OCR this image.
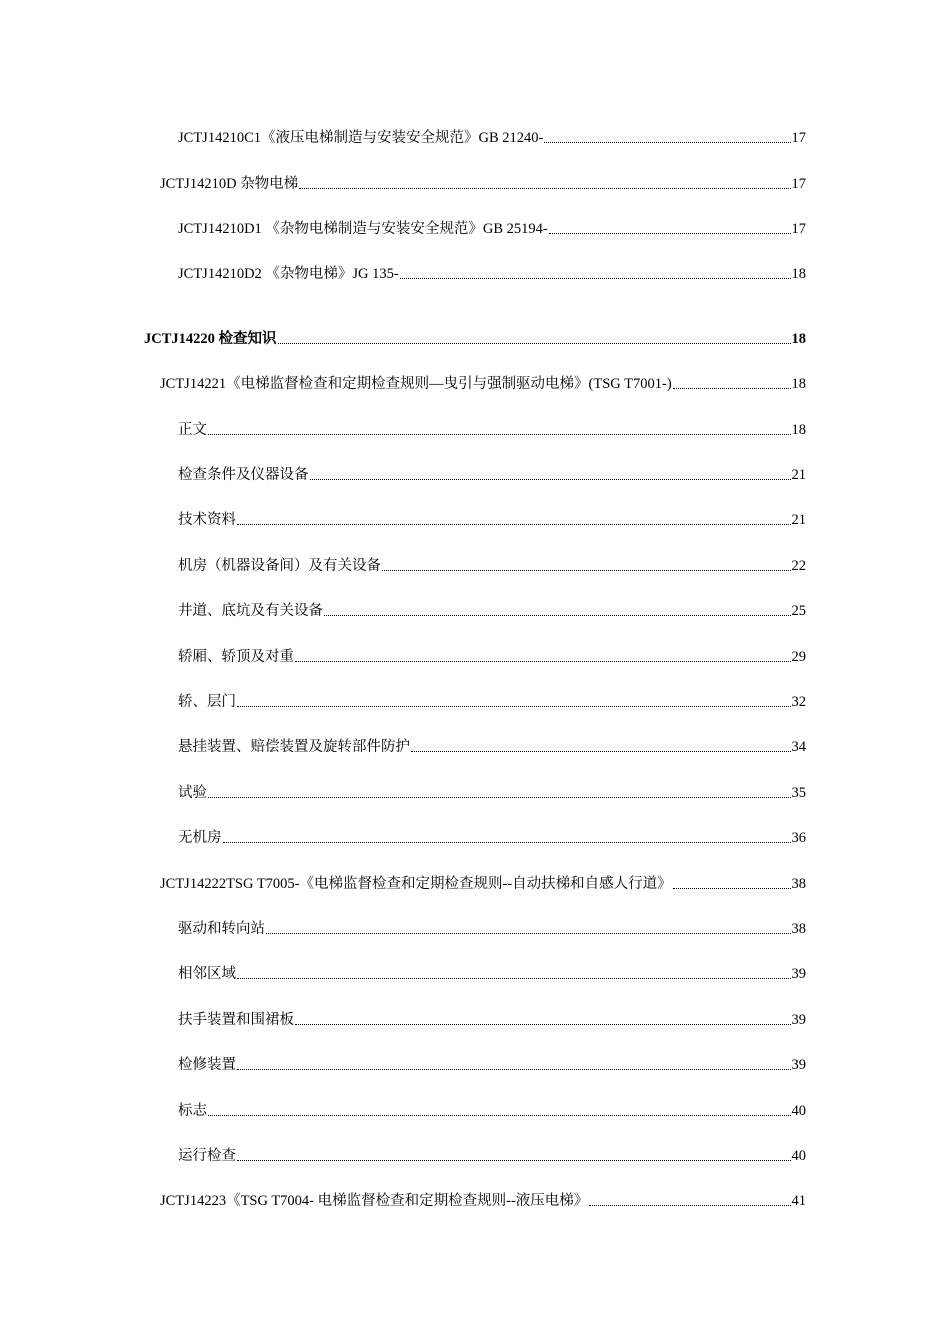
JCTJ14210C1《液压电梯制造与安装安全规范》GB 21240-	17
JCTJ14210D 杂物电梯	17
JCTJ14210D1 《杂物电梯制造与安装安全规范》GB 25194-	17
JCTJ14210D2 《杂物电梯》JG 135-	18
JCTJ14220 检查知识	18
JCTJ14221《电梯监督检查和定期检查规则—曳引与强制驱动电梯》(TSG T7001-)	18
正文	18
检查条件及仪器设备	21
技术资料	21
机房（机器设备间）及有关设备	22
井道、底坑及有关设备	25
轿厢、轿顶及对重	29
轿、层门	32
悬挂装置、赔偿装置及旋转部件防护	34
试验	35
无机房	36
JCTJ14222TSG T7005-《电梯监督检查和定期检查规则--自动扶梯和自感人行道》	38
驱动和转向站	38
相邻区域	39
扶手装置和围裙板	39
检修装置	39
标志	40
运行检查	40
JCTJ14223《TSG T7004- 电梯监督检查和定期检查规则--液压电梯》	41
